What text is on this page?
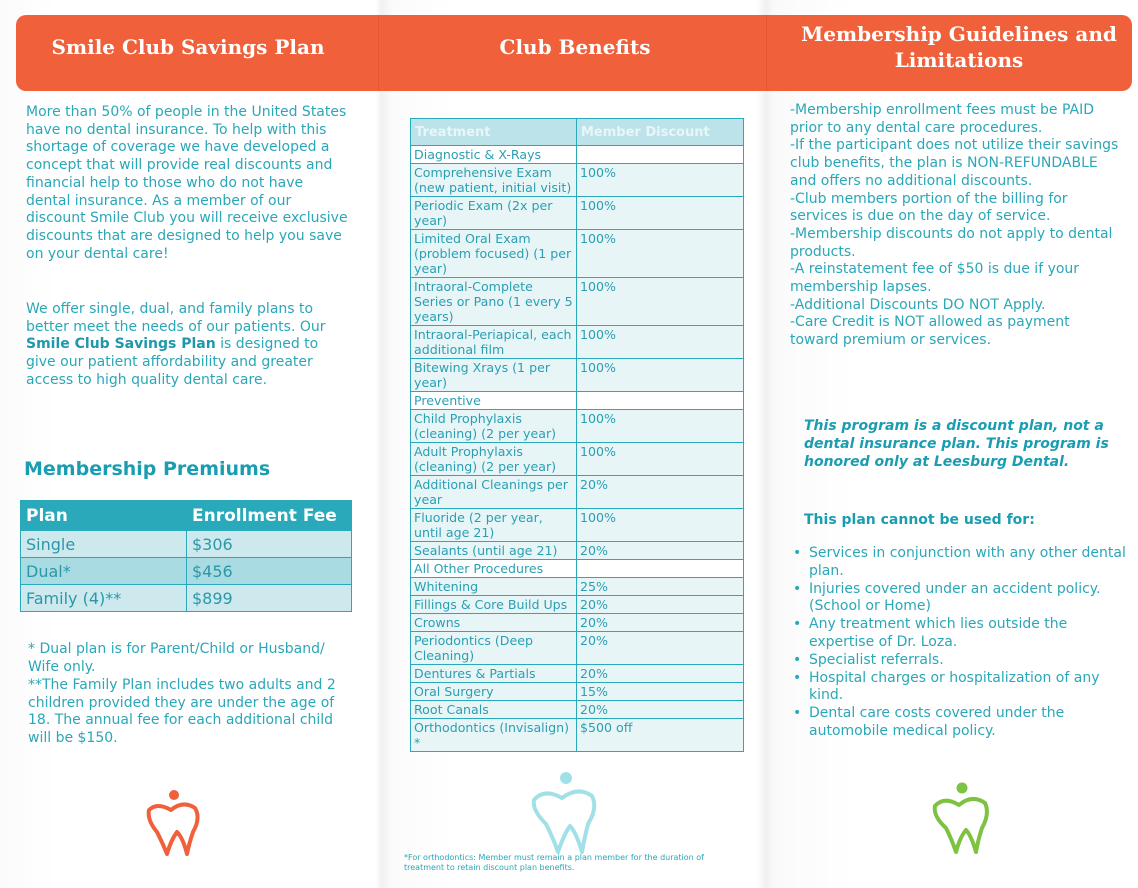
Smile Club Savings Plan	Club Benefits
Membership Guidelines and Limitations

More than 50% of people in the United States have no dental insurance. To help with this shortage of coverage we have developed a concept that will provide real discounts and financial help to those who do not have dental insurance. As a member of our discount Smile Club you will receive exclusive discounts that are designed to help you save on your dental care!

We offer single, dual, and family plans to better meet the needs of our patients. Our Smile Club Savings Plan is designed to give our patient affordability and greater access to high quality dental care.

Membership Premiums
Plan	Enrollment Fee
Single	$306
Dual*	$456
Family (4)**	$899

* Dual plan is for Parent/Child or Husband/ Wife only.

**The Family Plan includes two adults and 2 children provided they are under the age of 18. The annual fee for each additional child will be $150.

Treatment	Member Discount
Diagnostic & X-Rays	
Comprehensive Exam (new patient, initial visit)	100%
Periodic Exam (2x per year)	100%
Limited Oral Exam (problem focused) (1 per year)	100%
Intraoral-Complete Series or Pano (1 every 5 years)	100%
Intraoral-Periapical, each additional film	100%
Bitewing Xrays (1 per year)	100%
Preventive	
Child Prophylaxis (cleaning) (2 per year)	100%
Adult Prophylaxis (cleaning) (2 per year)	100%
Additional Cleanings per year	20%
Fluoride (2 per year, until age 21)	100%
Sealants (until age 21)	20%
All Other Procedures	
Whitening	25%
Fillings & Core Build Ups	20%
Crowns	20%
Periodontics (Deep Cleaning)	20%
Dentures & Partials	20%
Oral Surgery	15%
Root Canals	20%
Orthodontics (Invisalign) *	$500 off

*For orthodontics: Member must remain a plan member for the duration of treatment to retain discount plan benefits.

-Membership enrollment fees must be PAID prior to any dental care procedures.
-If the participant does not utilize their savings club benefits, the plan is NON-REFUNDABLE and offers no additional discounts.
-Club members portion of the billing for services is due on the day of service.
-Membership discounts do not apply to dental products.
-A reinstatement fee of $50 is due if your membership lapses.
-Additional Discounts DO NOT Apply.
-Care Credit is NOT allowed as payment toward premium or services.

This program is a discount plan, not a dental insurance plan. This program is honored only at Leesburg Dental.

This plan cannot be used for:

• Services in conjunction with any other dental plan.
• Injuries covered under an accident policy. (School or Home)
• Any treatment which lies outside the expertise of Dr. Loza.
• Specialist referrals.
• Hospital charges or hospitalization of any kind.
• Dental care costs covered under the automobile medical policy.
